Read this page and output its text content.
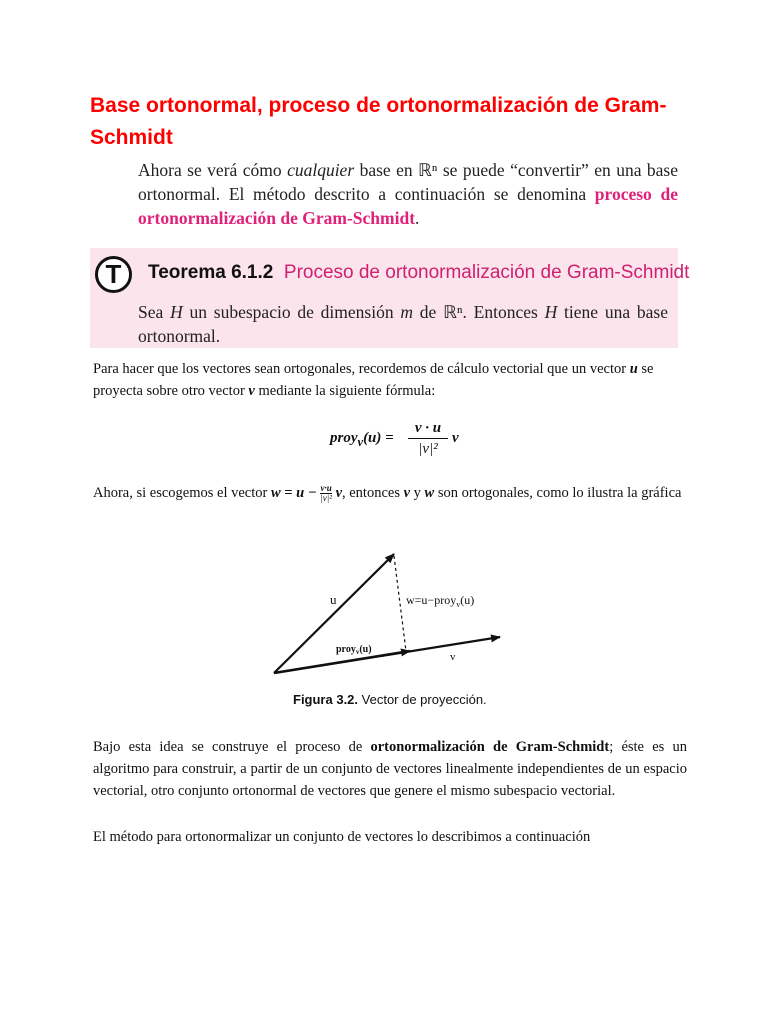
Base ortonormal, proceso de ortonormalización de Gram-Schmidt

Ahora se verá cómo cualquier base en ℝⁿ se puede “convertir” en una base ortonormal. El método descrito a continuación se denomina proceso de ortonormalización de Gram-Schmidt.

T	Teorema 6.1.2 Proceso de ortonormalización de Gram-Schmidt

Sea H un subespacio de dimensión m de ℝⁿ. Entonces H tiene una base ortonormal.

Para hacer que los vectores sean ortogonales, recordemos de cálculo vectorial que un vector u se proyecta sobre otro vector v mediante la siguiente fórmula:

proy$_v$(u) = $\frac{v \cdot u}{\text{|v|²}}$ v

Ahora, si escogemos el vector $w = u - \frac{v\cdot u}{\text{|v|²}} v$, entonces v y w son ortogonales, como lo ilustra la gráfica

u	w=u−proy$_v$(u)
proy$_v$(u)
v
Figura 3.2. Vector de proyección.

Bajo esta idea se construye el proceso de ortonormalización de Gram-Schmidt; éste es un algoritmo para construir, a partir de un conjunto de vectores linealmente independientes de un espacio vectorial, otro conjunto ortonormal de vectores que genere el mismo subespacio vectorial.

El método para ortonormalizar un conjunto de vectores lo describimos a continuación
